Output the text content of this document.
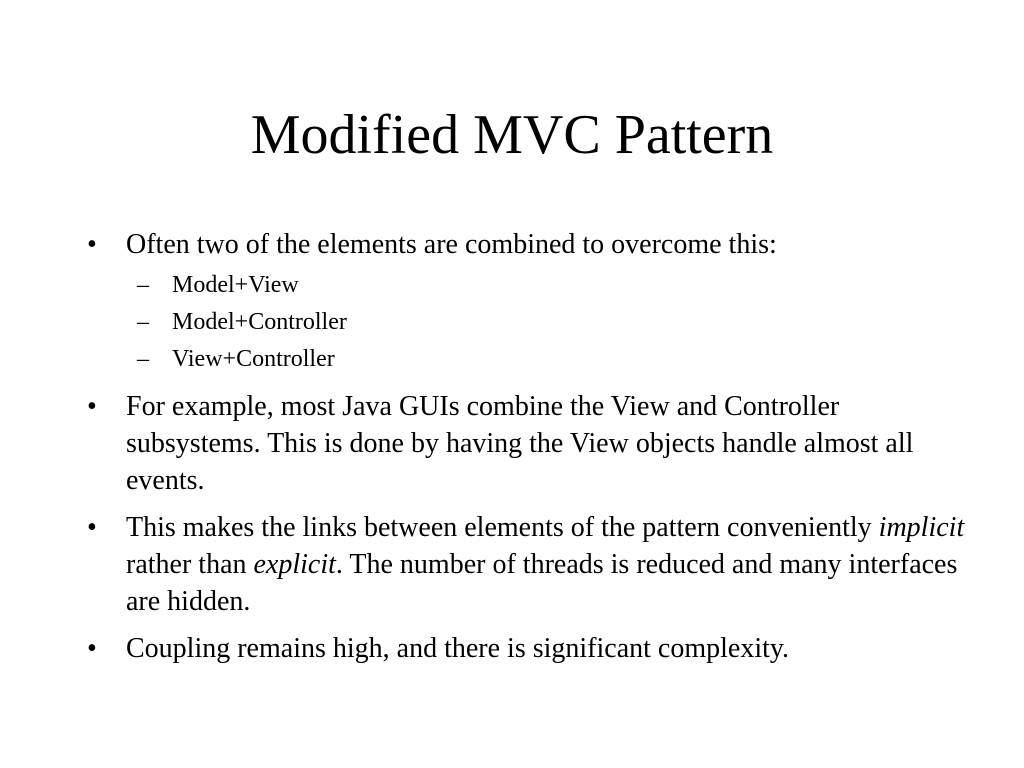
Modified MVC Pattern
• Often two of the elements are combined to overcome this:
– Model+View
– Model+Controller
– View+Controller
• For example, most Java GUIs combine the View and Controller subsystems. This is done by having the View objects handle almost all events.
• This makes the links between elements of the pattern conveniently implicit rather than explicit. The number of threads is reduced and many interfaces are hidden.
• Coupling remains high, and there is significant complexity.
